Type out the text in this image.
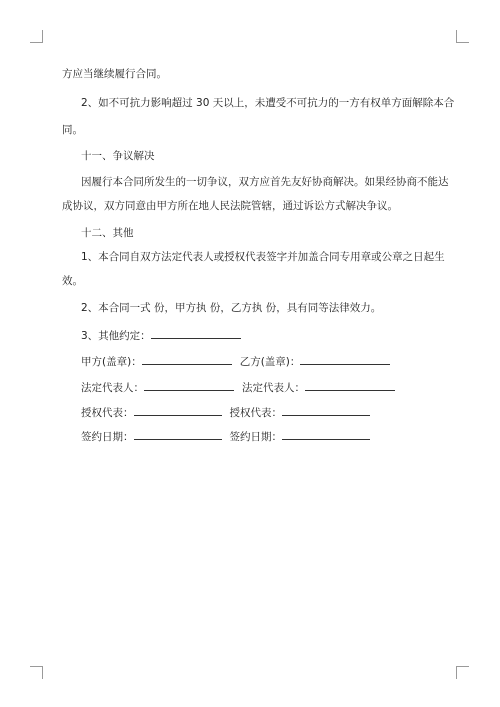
方应当继续履行合同。
2、如不可抗力影响超过 30 天以上，未遭受不可抗力的一方有权单方面解除本合
同。
十一、争议解决
因履行本合同所发生的一切争议，双方应首先友好协商解决。如果经协商不能达
成协议，双方同意由甲方所在地人民法院管辖，通过诉讼方式解决争议。
十二、其他
1、本合同自双方法定代表人或授权代表签字并加盖合同专用章或公章之日起生
效。
2、本合同一式 份，甲方执 份，乙方执 份，具有同等法律效力。
3、其他约定：
甲方(盖章)：	乙方(盖章)：
法定代表人：	法定代表人：
授权代表：	授权代表：
签约日期：	签约日期：
